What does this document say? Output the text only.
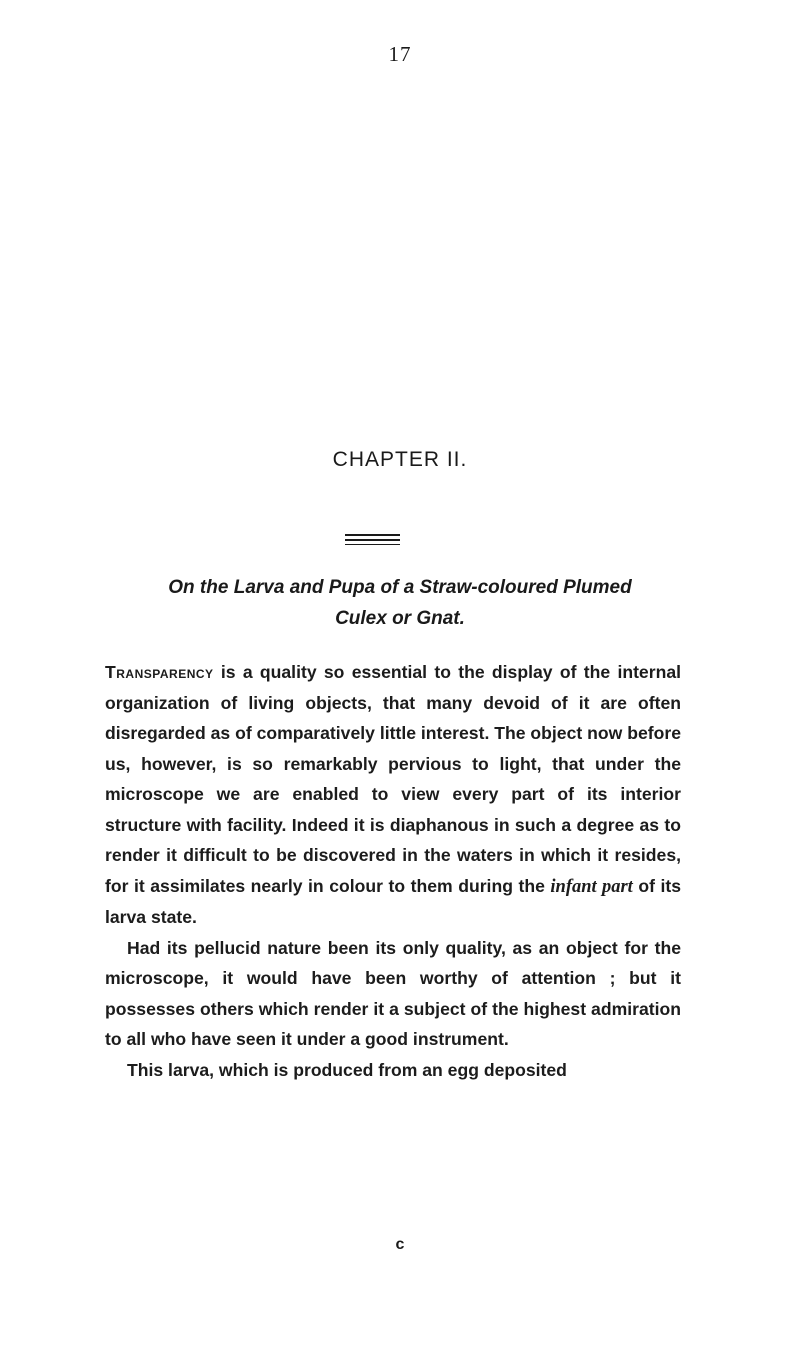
17
CHAPTER II.
On the Larva and Pupa of a Straw-coloured Plumed
Culex or Gnat.

Transparency is a quality so essential to the display of the internal organization of living objects, that many devoid of it are often disregarded as of comparatively little interest. The object now before us, however, is so remarkably pervious to light, that under the microscope we are enabled to view every part of its interior structure with facility. Indeed it is diaphanous in such a degree as to render it difficult to be discovered in the waters in which it resides, for it assimilates nearly in colour to them during the infant part of its larva state.

Had its pellucid nature been its only quality, as an object for the microscope, it would have been worthy of attention ; but it possesses others which render it a subject of the highest admiration to all who have seen it under a good instrument.

This larva, which is produced from an egg deposited

c
